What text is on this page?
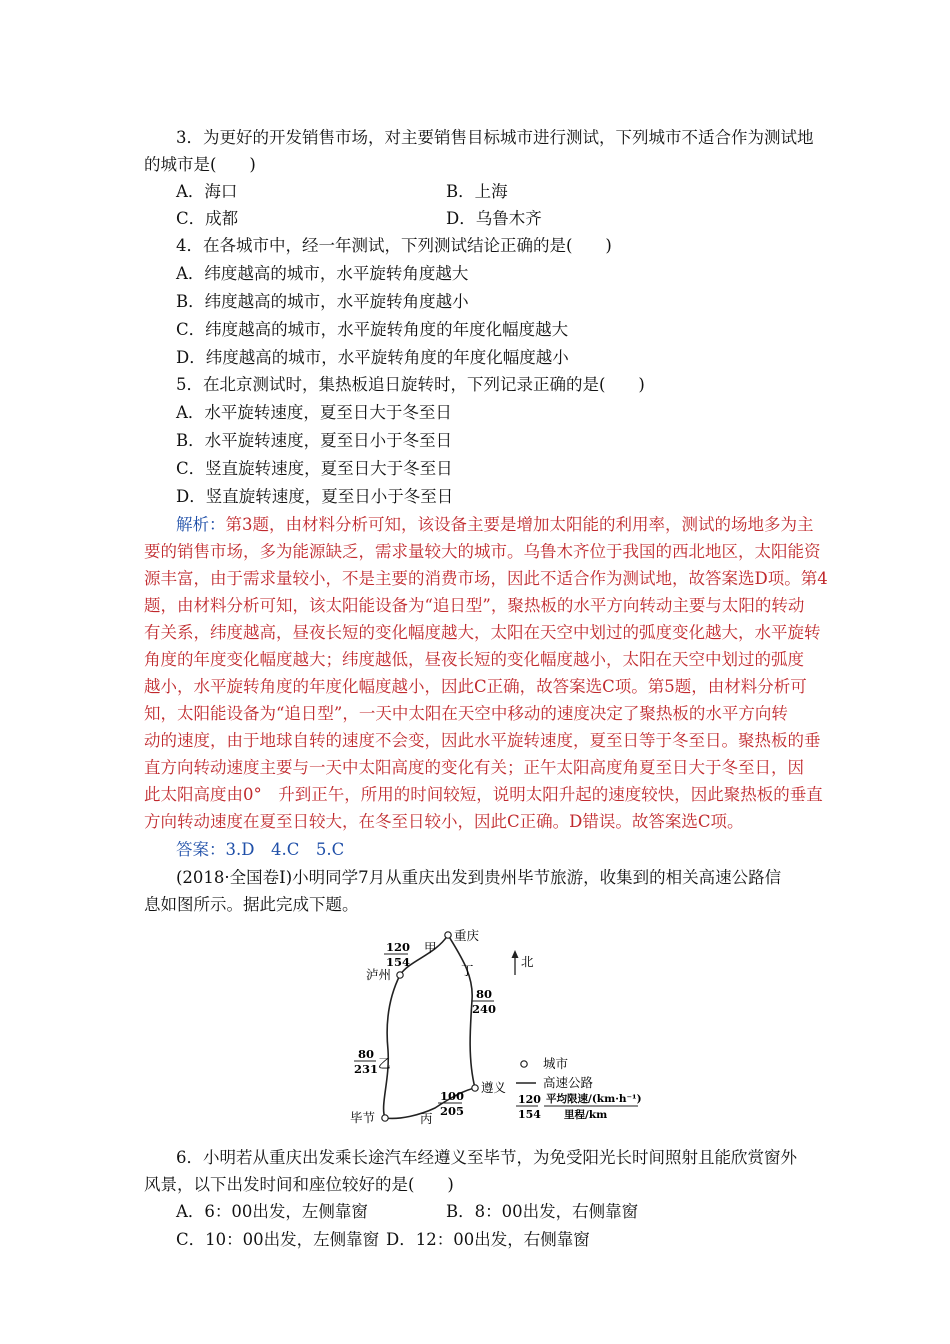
3．为更好的开发销售市场，对主要销售目标城市进行测试，下列城市不适合作为测试地
的城市是(　　)
A．海口	B．上海
C．成都	D．乌鲁木齐
4．在各城市中，经一年测试，下列测试结论正确的是(　　)
A．纬度越高的城市，水平旋转角度越大
B．纬度越高的城市，水平旋转角度越小
C．纬度越高的城市，水平旋转角度的年度化幅度越大
D．纬度越高的城市，水平旋转角度的年度化幅度越小
5．在北京测试时，集热板追日旋转时，下列记录正确的是(　　)
A．水平旋转速度，夏至日大于冬至日
B．水平旋转速度，夏至日小于冬至日
C．竖直旋转速度，夏至日大于冬至日
D．竖直旋转速度，夏至日小于冬至日
解析：第3题，由材料分析可知，该设备主要是增加太阳能的利用率，测试的场地多为主
要的销售市场，多为能源缺乏，需求量较大的城市。乌鲁木齐位于我国的西北地区，太阳能资
源丰富，由于需求量较小，不是主要的消费市场，因此不适合作为测试地，故答案选D项。第4
题，由材料分析可知，该太阳能设备为“追日型”，聚热板的水平方向转动主要与太阳的转动
有关系，纬度越高，昼夜长短的变化幅度越大，太阳在天空中划过的弧度变化越大，水平旋转
角度的年度变化幅度越大；纬度越低，昼夜长短的变化幅度越小，太阳在天空中划过的弧度
越小，水平旋转角度的年度化幅度越小，因此C正确，故答案选C项。第5题，由材料分析可
知，太阳能设备为“追日型”，一天中太阳在天空中移动的速度决定了聚热板的水平方向转
动的速度，由于地球自转的速度不会变，因此水平旋转速度，夏至日等于冬至日。聚热板的垂
直方向转动速度主要与一天中太阳高度的变化有关；正午太阳高度角夏至日大于冬至日，因
此太阳高度由0°　升到正午，所用的时间较短，说明太阳升起的速度较快，因此聚热板的垂直
方向转动速度在夏至日较大，在冬至日较小，因此C正确。D错误。故答案选C项。
答案：3.D　4.C　5.C
(2018·全国卷Ⅰ)小明同学7月从重庆出发到贵州毕节旅游，收集到的相关高速公路信
息如图所示。据此完成下题。
重庆
泸州
遵义
毕节
120
154
甲
丁
80
240
80
231 乙
丙
100
205
北
城市
高速公路
120
154
平均限速/(km·h⁻¹)
里程/km
6．小明若从重庆出发乘长途汽车经遵义至毕节，为免受阳光长时间照射且能欣赏窗外
风景，以下出发时间和座位较好的是(　　)
A．6：00出发，左侧靠窗	B．8：00出发，右侧靠窗
C．10：00出发，左侧靠窗 D．12：00出发，右侧靠窗
